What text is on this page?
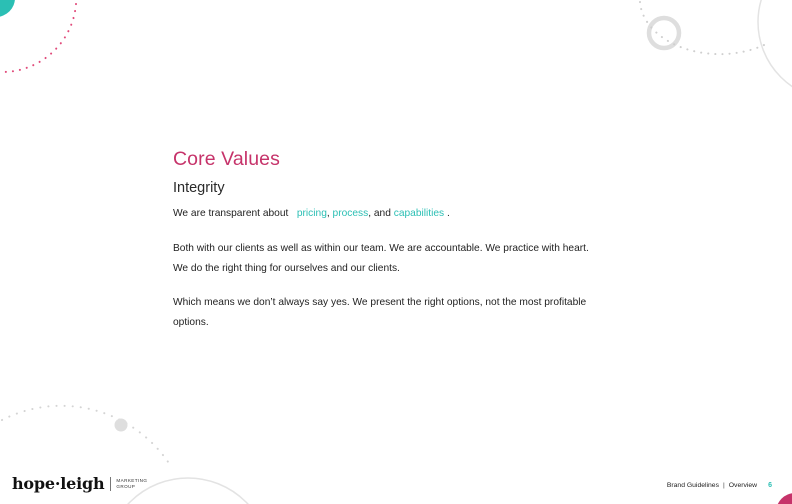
Core Values
Integrity
We are transparent about pricing, process, and capabilities .
Both with our clients as well as within our team. We are accountable. We practice with heart. We do the right thing for ourselves and our clients.
Which means we don’t always say yes. We present the right options, not the most profitable options.
hope·leigh	MARKETING
GROUP	Brand Guidelines | Overview 6
